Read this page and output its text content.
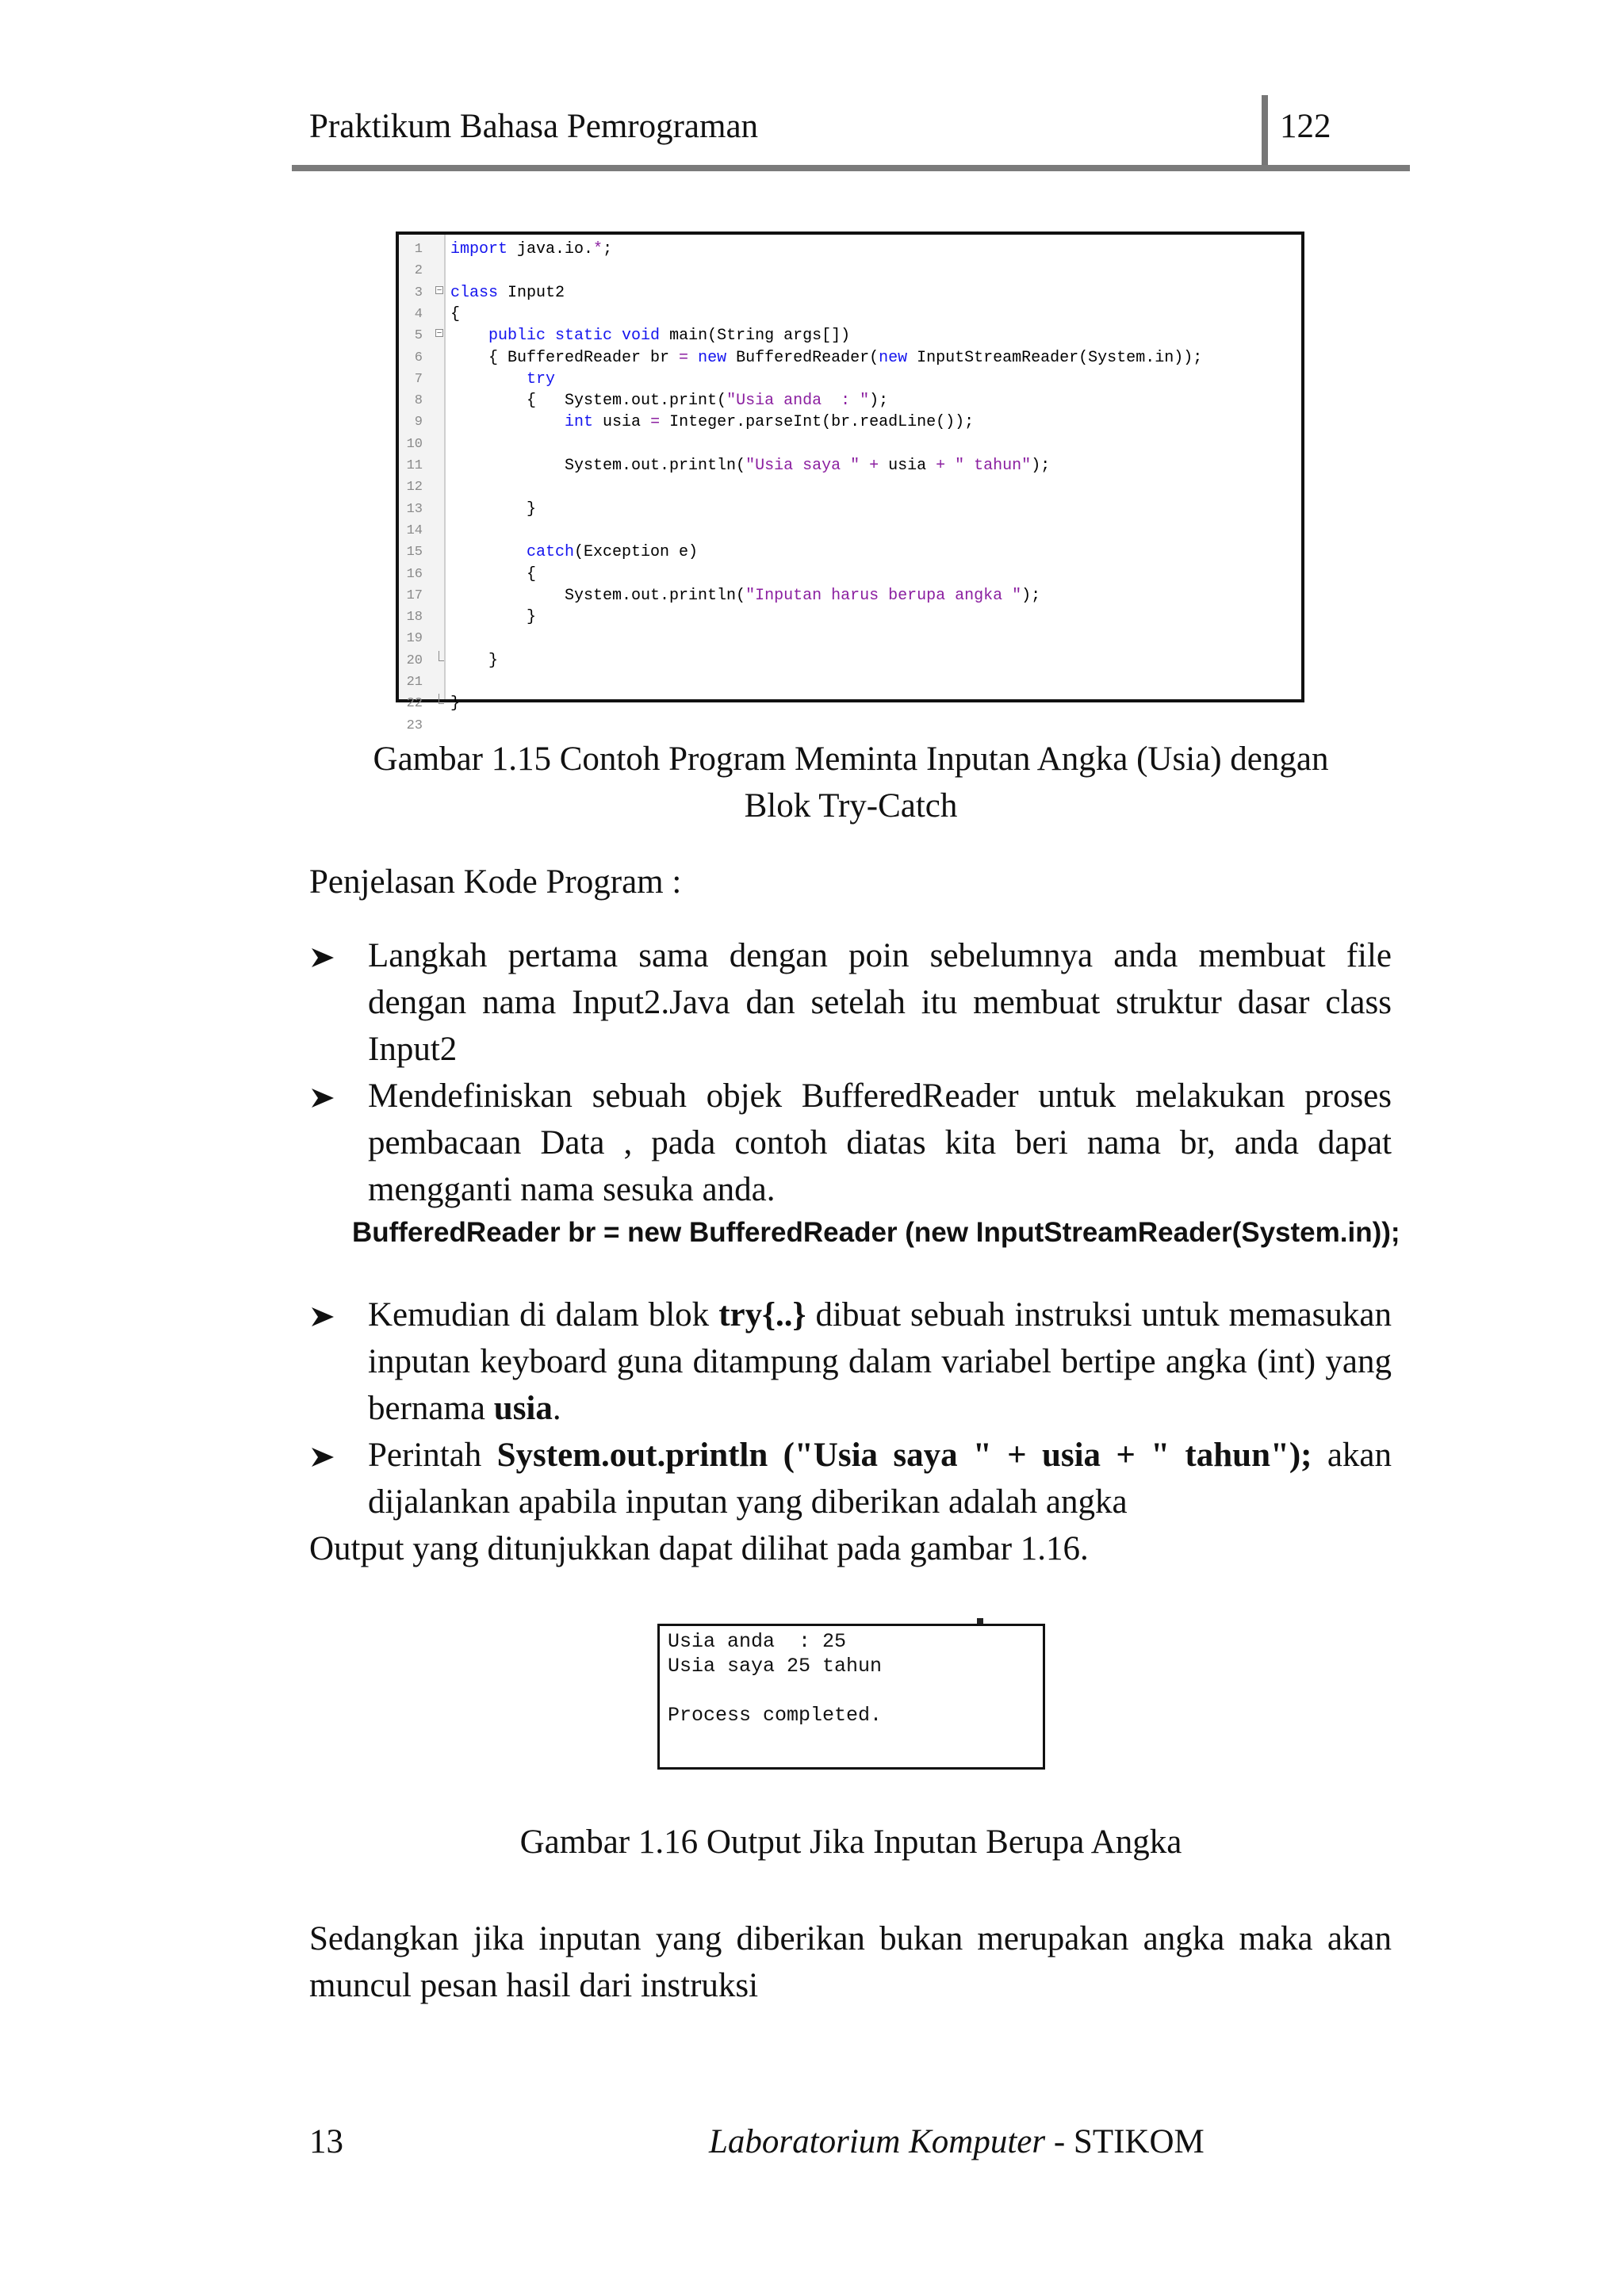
Praktikum Bahasa Pemrograman	122
1 import java.io.*;
2
3 − class Input2
4 {
5 −	public static void main(String args[])
6 { BufferedReader br = new BufferedReader(new InputStreamReader(System.in));
7	try
8 {   System.out.print("Usia anda  : ");
9	int usia = Integer.parseInt(br.readLine());
10
11 System.out.println("Usia saya " + usia + " tahun");
12
13 }
14
15	catch(Exception e)
16 {
17 System.out.println("Inputan harus berupa angka ");
18 }
19
20 }
21
22 }
23
Gambar 1.15 Contoh Program Meminta Inputan Angka (Usia) dengan
Blok Try-Catch
Penjelasan Kode Program :
Langkah pertama sama dengan poin sebelumnya anda membuat file dengan nama Input2.Java dan setelah itu membuat struktur dasar class Input2
Mendefiniskan sebuah objek BufferedReader untuk melakukan proses pembacaan Data , pada contoh diatas kita beri nama br, anda dapat mengganti nama sesuka anda.
BufferedReader br = new BufferedReader (new InputStreamReader(System.in));
Kemudian di dalam blok try{..} dibuat sebuah instruksi untuk memasukan inputan keyboard guna ditampung dalam variabel bertipe angka (int) yang bernama usia.
Perintah System.out.println ("Usia saya " + usia + " tahun"); akan dijalankan apabila inputan yang diberikan adalah angka
Output yang ditunjukkan dapat dilihat pada gambar 1.16.
Usia anda  : 25
Usia saya 25 tahun
Process completed.
Gambar 1.16 Output Jika Inputan Berupa Angka
Sedangkan jika inputan yang diberikan bukan merupakan angka maka akan muncul pesan hasil dari instruksi
13	Laboratorium Komputer - STIKOM
